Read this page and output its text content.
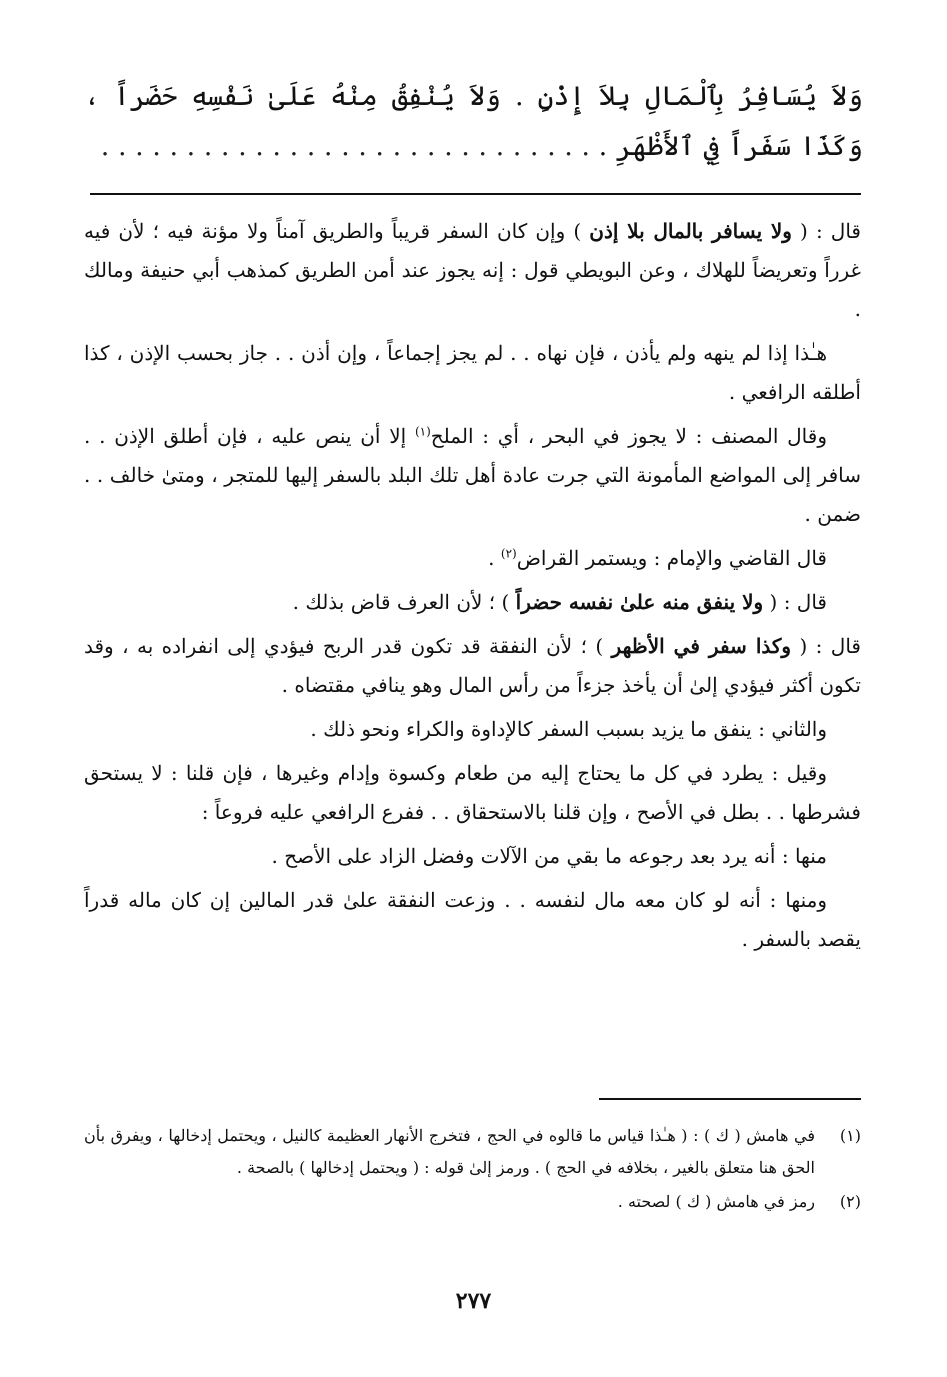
وَلاَ يُسَافِرُ بِٱلْمَالِ بِلاَ إِذْنٍ . وَلاَ يُنْفِقُ مِنْهُ عَلَىٰ نَفْسِهِ حَضَراً ، وَكَذَا سَفَراً فِي ٱلأَظْهَرِ . . . . . . . . . . . . . . . . . . . . . . . . . . . . . .

قال : ( ولا يسافر بالمال بلا إذن ) وإن كان السفر قريباً والطريق آمناً ولا مؤنة فيه ؛ لأن فيه غرراً وتعريضاً للهلاك ، وعن البويطي قول : إنه يجوز عند أمن الطريق كمذهب أبي حنيفة ومالك .

هـٰذا إذا لم ينهه ولم يأذن ، فإن نهاه . . لم يجز إجماعاً ، وإن أذن . . جاز بحسب الإذن ، كذا أطلقه الرافعي .

وقال المصنف : لا يجوز في البحر ، أي : الملح$^{(١)}$ إلا أن ينص عليه ، فإن أطلق الإذن . . سافر إلى المواضع المأمونة التي جرت عادة أهل تلك البلد بالسفر إليها للمتجر ، ومتىٰ خالف . . ضمن .

قال القاضي والإمام : ويستمر القراض$^{(٢)}$ .

قال : ( ولا ينفق منه علىٰ نفسه حضراً ) ؛ لأن العرف قاض بذلك .

قال : ( وكذا سفر في الأظهر ) ؛ لأن النفقة قد تكون قدر الربح فيؤدي إلى انفراده به ، وقد تكون أكثر فيؤدي إلىٰ أن يأخذ جزءاً من رأس المال وهو ينافي مقتضاه .

والثاني : ينفق ما يزيد بسبب السفر كالإداوة والكراء ونحو ذلك .

وقيل : يطرد في كل ما يحتاج إليه من طعام وكسوة وإدام وغيرها ، فإن قلنا : لا يستحق فشرطها . . بطل في الأصح ، وإن قلنا بالاستحقاق . . ففرع الرافعي عليه فروعاً :

منها : أنه يرد بعد رجوعه ما بقي من الآلات وفضل الزاد على الأصح .

ومنها : أنه لو كان معه مال لنفسه . . وزعت النفقة علىٰ قدر المالين إن كان ماله قدراً يقصد بالسفر .

(١)
في هامش ( ك ) : ( هـٰذا قياس ما قالوه في الحج ، فتخرج الأنهار العظيمة كالنيل ، ويحتمل إدخالها ، ويفرق بأن الحق هنا متعلق بالغير ، بخلافه في الحج ) . ورمز إلىٰ قوله : ( ويحتمل إدخالها ) بالصحة .
(٢)
رمز في هامش ( ك ) لصحته .
٢٧٧
